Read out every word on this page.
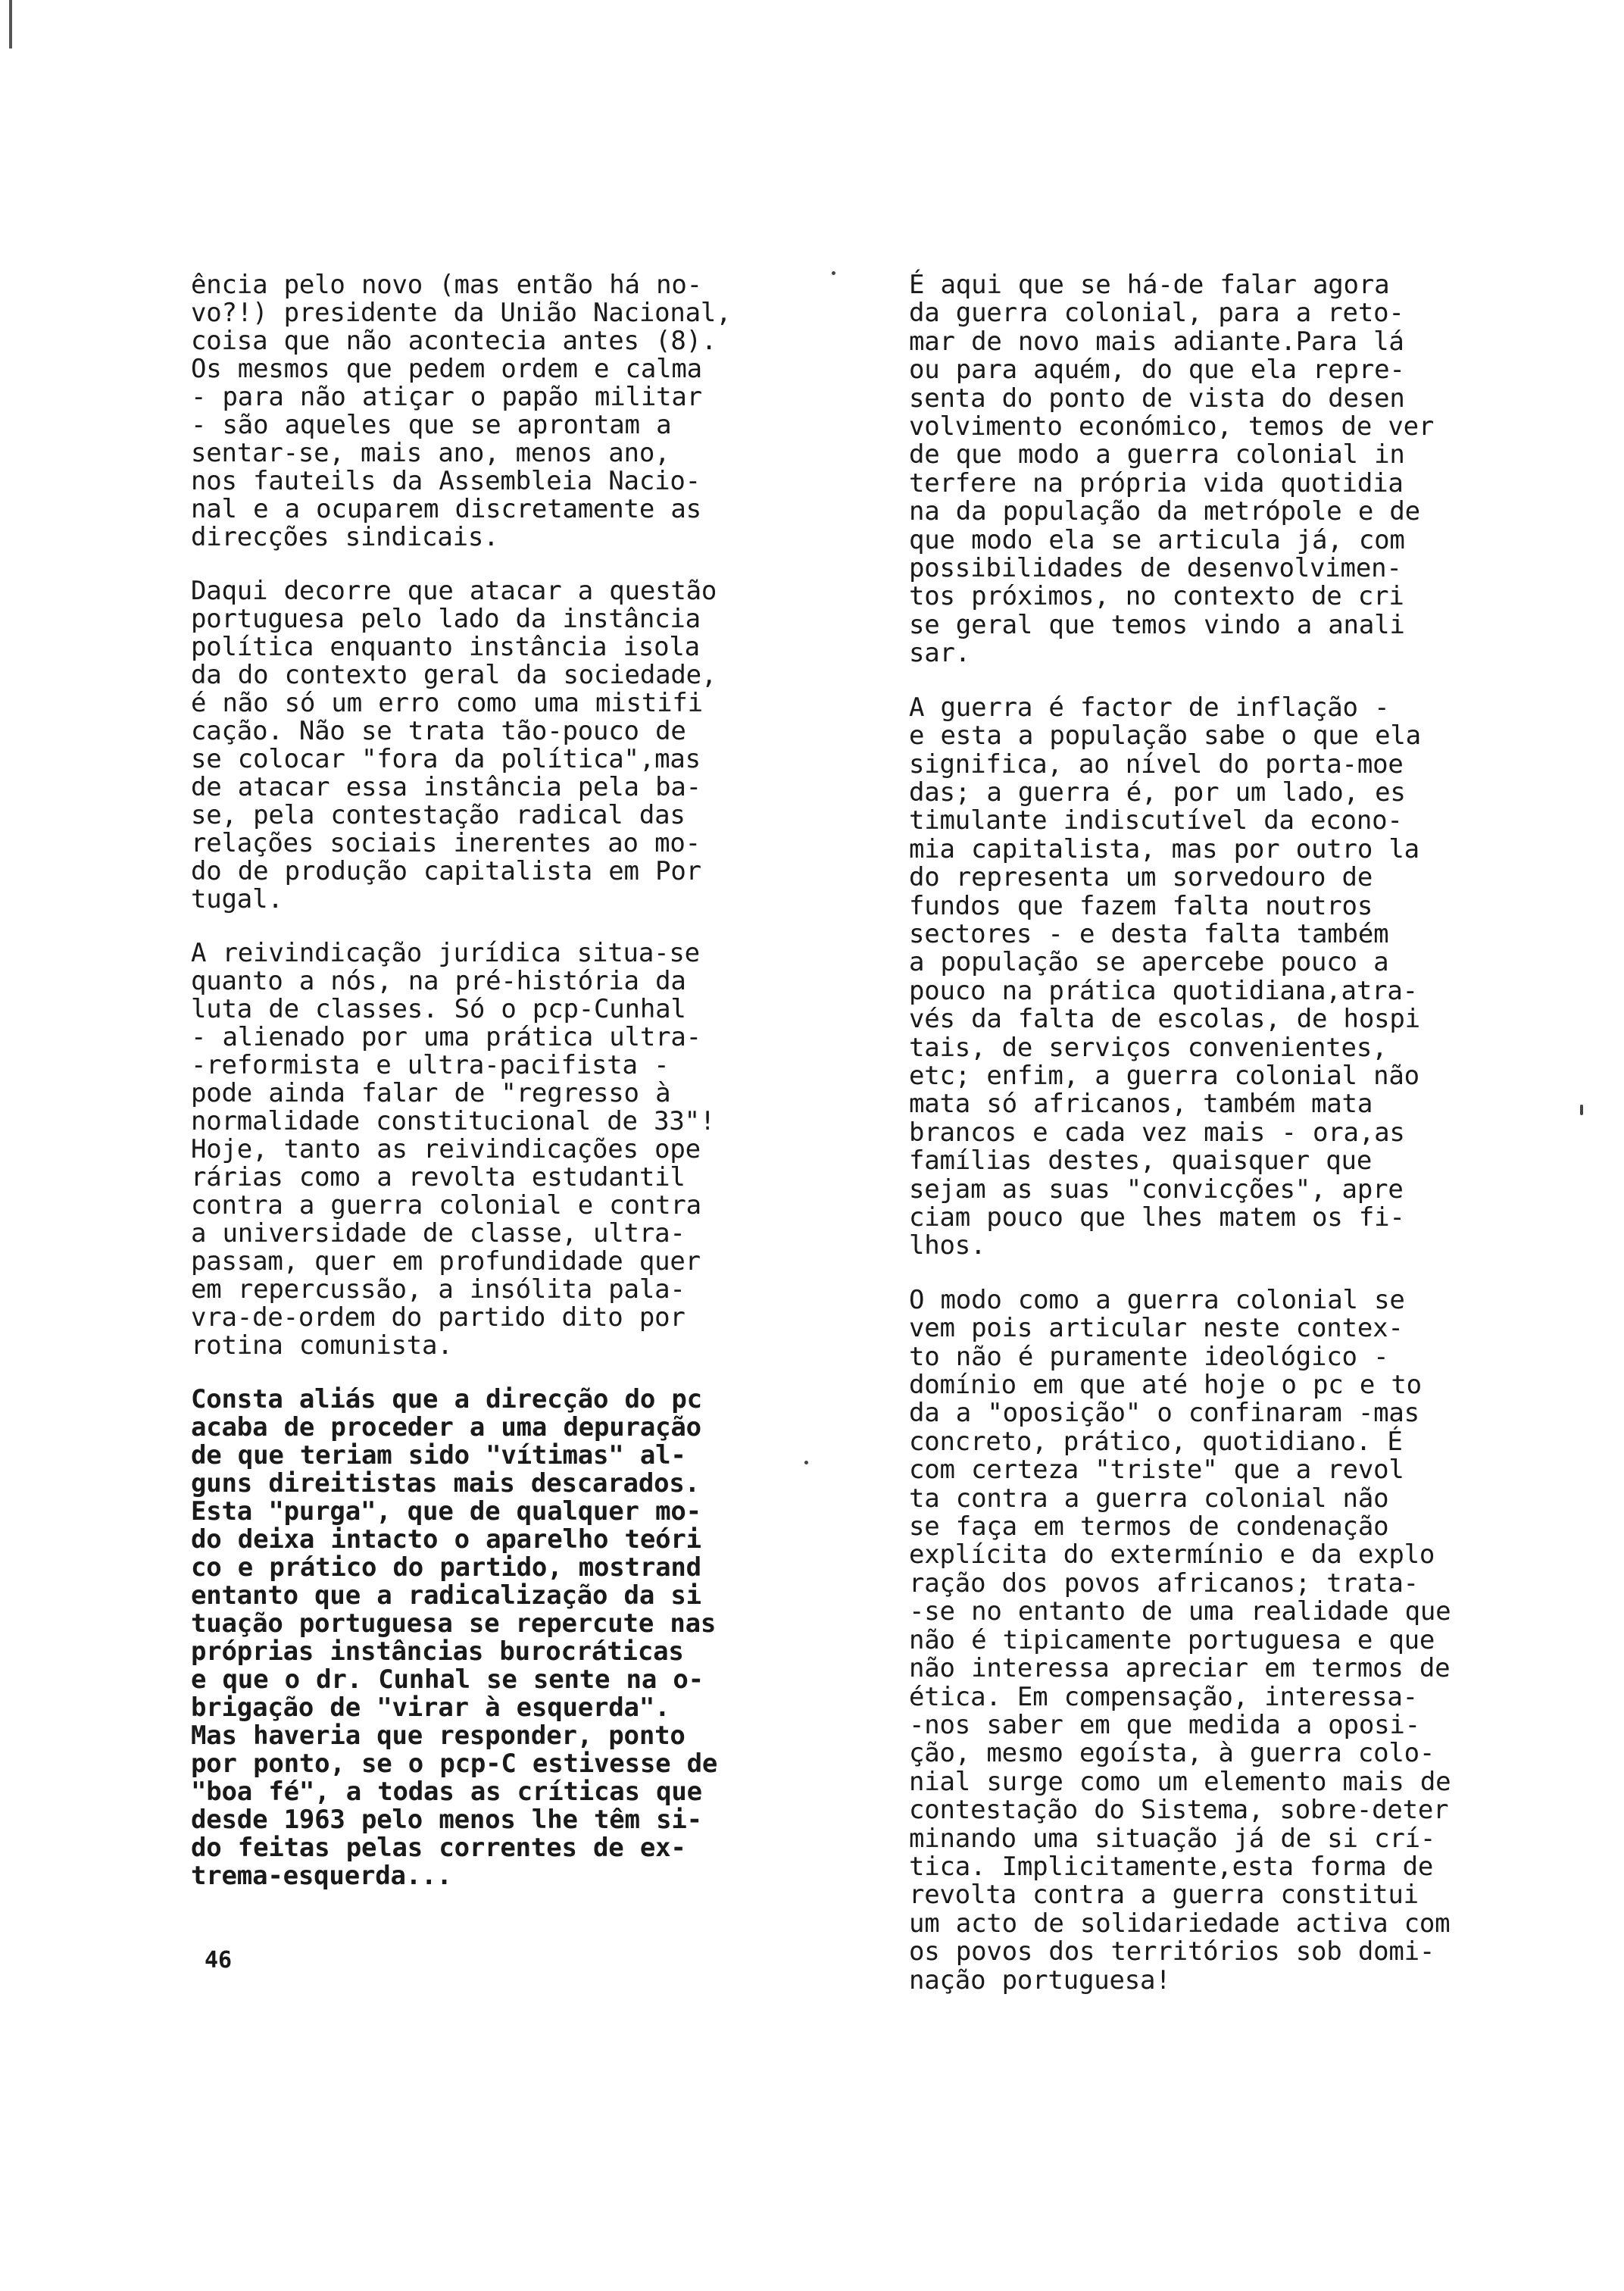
ência pelo novo (mas então há no-
vo?!) presidente da União Nacional,
coisa que não acontecia antes (8).
Os mesmos que pedem ordem e calma
- para não atiçar o papão militar
- são aqueles que se aprontam a
sentar-se, mais ano, menos ano,
nos fauteils da Assembleia Nacio-
nal e a ocuparem discretamente as
direcções sindicais.

Daqui decorre que atacar a questão
portuguesa pelo lado da instância
política enquanto instância isola
da do contexto geral da sociedade,
é não só um erro como uma mistifi
cação. Não se trata tão-pouco de
se colocar "fora da política",mas
de atacar essa instância pela ba-
se, pela contestação radical das
relações sociais inerentes ao mo-
do de produção capitalista em Por
tugal.

A reivindicação jurídica situa-se
quanto a nós, na pré-história da
luta de classes. Só o pcp-Cunhal
- alienado por uma prática ultra-
-reformista e ultra-pacifista -
pode ainda falar de "regresso à
normalidade constitucional de 33"!
Hoje, tanto as reivindicações ope
rárias como a revolta estudantil
contra a guerra colonial e contra
a universidade de classe, ultra-
passam, quer em profundidade quer
em repercussão, a insólita pala-
vra-de-ordem do partido dito por
rotina comunista.

Consta aliás que a direcção do pc
acaba de proceder a uma depuração
de que teriam sido "vítimas" al-
guns direitistas mais descarados.
Esta "purga", que de qualquer mo-
do deixa intacto o aparelho teóri
co e prático do partido, mostrand
entanto que a radicalização da si
tuação portuguesa se repercute nas
próprias instâncias burocráticas
e que o dr. Cunhal se sente na o-
brigação de "virar à esquerda".
Mas haveria que responder, ponto
por ponto, se o pcp-C estivesse de
"boa fé", a todas as críticas que
desde 1963 pelo menos lhe têm si-
do feitas pelas correntes de ex-
trema-esquerda...

É aqui que se há-de falar agora
da guerra colonial, para a reto-
mar de novo mais adiante.Para lá
ou para aquém, do que ela repre-
senta do ponto de vista do desen
volvimento económico, temos de ver
de que modo a guerra colonial in
terfere na própria vida quotidia
na da população da metrópole e de
que modo ela se articula já, com
possibilidades de desenvolvimen-
tos próximos, no contexto de cri
se geral que temos vindo a anali
sar.

A guerra é factor de inflação -
e esta a população sabe o que ela
significa, ao nível do porta-moe
das; a guerra é, por um lado, es
timulante indiscutível da econo-
mia capitalista, mas por outro la
do representa um sorvedouro de
fundos que fazem falta noutros
sectores - e desta falta também
a população se apercebe pouco a
pouco na prática quotidiana,atra-
vés da falta de escolas, de hospi
tais, de serviços convenientes,
etc; enfim, a guerra colonial não
mata só africanos, também mata
brancos e cada vez mais - ora,as
famílias destes, quaisquer que
sejam as suas "convicções", apre
ciam pouco que lhes matem os fi-
lhos.

O modo como a guerra colonial se
vem pois articular neste contex-
to não é puramente ideológico -
domínio em que até hoje o pc e to
da a "oposição" o confinaram -mas
concreto, prático, quotidiano. É
com certeza "triste" que a revol
ta contra a guerra colonial não
se faça em termos de condenação
explícita do extermínio e da explo
ração dos povos africanos; trata-
-se no entanto de uma realidade que
não é tipicamente portuguesa e que
não interessa apreciar em termos de
ética. Em compensação, interessa-
-nos saber em que medida a oposi-
ção, mesmo egoísta, à guerra colo-
nial surge como um elemento mais de
contestação do Sistema, sobre-deter
minando uma situação já de si crí-
tica. Implicitamente,esta forma de
revolta contra a guerra constitui
um acto de solidariedade activa com
os povos dos territórios sob domi-
nação portuguesa!

46
